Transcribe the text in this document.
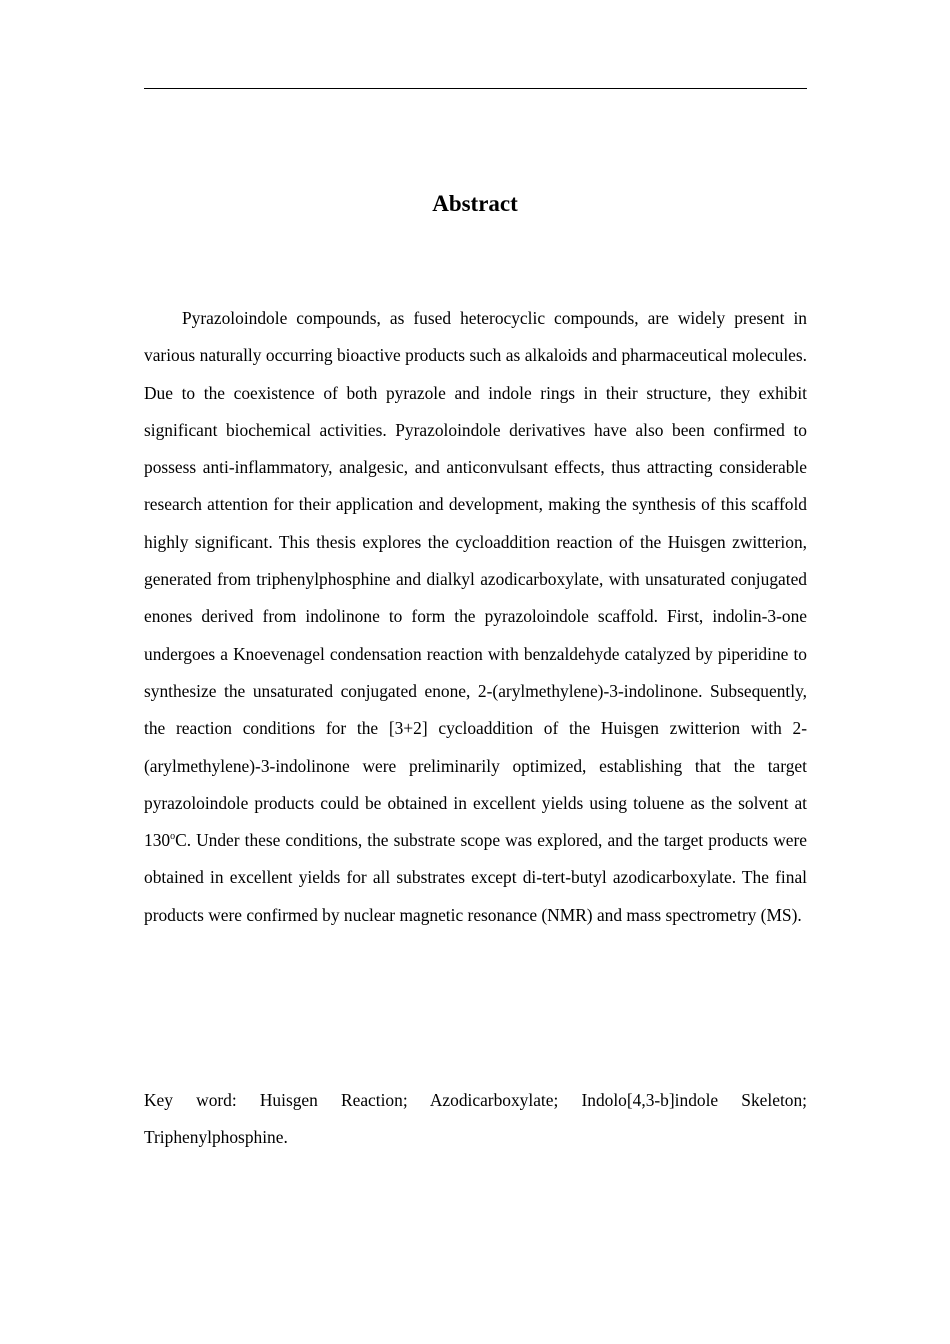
Abstract

Pyrazoloindole compounds, as fused heterocyclic compounds, are widely present in various naturally occurring bioactive products such as alkaloids and pharmaceutical molecules. Due to the coexistence of both pyrazole and indole rings in their structure, they exhibit significant biochemical activities. Pyrazoloindole derivatives have also been confirmed to possess anti-inflammatory, analgesic, and anticonvulsant effects, thus attracting considerable research attention for their application and development, making the synthesis of this scaffold highly significant. This thesis explores the cycloaddition reaction of the Huisgen zwitterion, generated from triphenylphosphine and dialkyl azodicarboxylate, with unsaturated conjugated enones derived from indolinone to form the pyrazoloindole scaffold. First, indolin-3-one undergoes a Knoevenagel condensation reaction with benzaldehyde catalyzed by piperidine to synthesize the unsaturated conjugated enone, 2-(arylmethylene)-3-indolinone. Subsequently, the reaction conditions for the [3+2] cycloaddition of the Huisgen zwitterion with 2-(arylmethylene)-3-indolinone were preliminarily optimized, establishing that the target pyrazoloindole products could be obtained in excellent yields using toluene as the solvent at 130$^o$C. Under these conditions, the substrate scope was explored, and the target products were obtained in excellent yields for all substrates except di-tert-butyl azodicarboxylate. The final products were confirmed by nuclear magnetic resonance (NMR) and mass spectrometry (MS).

Key word: Huisgen Reaction; Azodicarboxylate; Indolo[4,3-b]indole Skeleton; Triphenylphosphine.
